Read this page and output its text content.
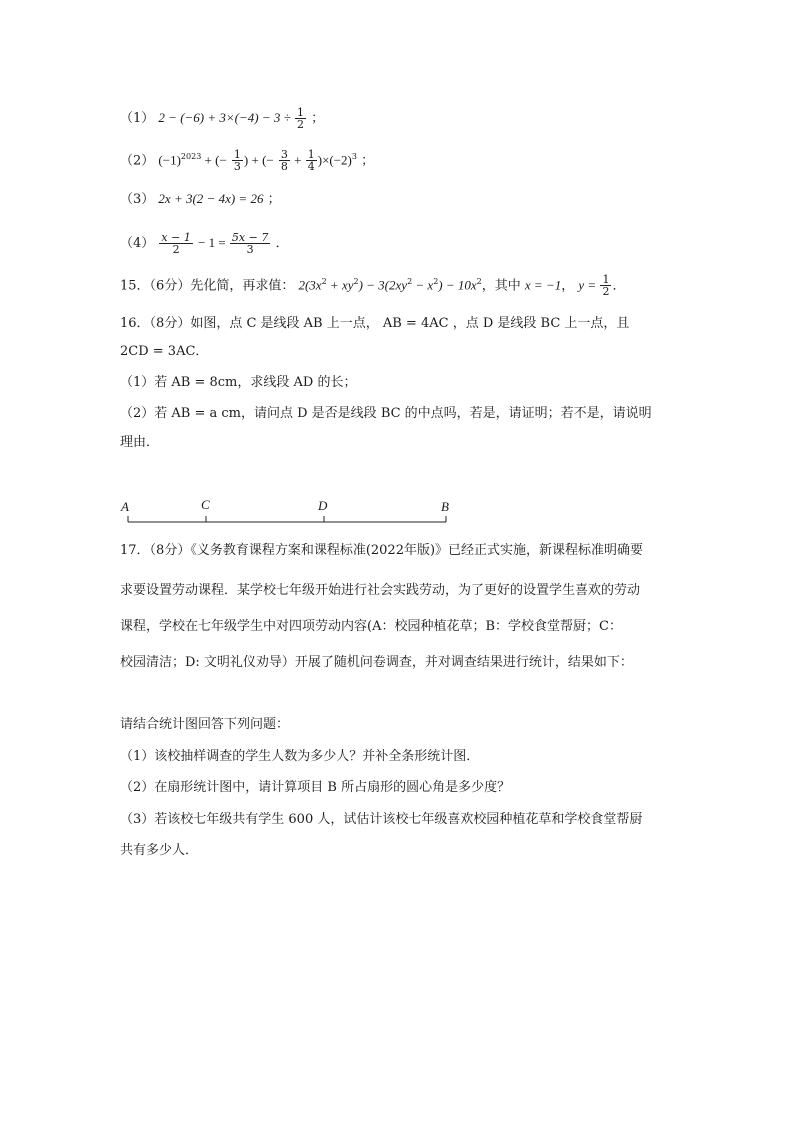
（1） $2 - (-6) + 3\times(-4) - 3 \div \frac{1}{2}$ ；
（2） $(-1)^{2023}$ + (− $\frac{1}{3}$ ) + (− $\frac{3}{8} + \frac{1}{4} )\times(-2)^3$ ；
（3） 2x + 3(2 − 4x) = 26 ；
$(4) \frac{x - 1}{2} - 1 = \frac{5x - 7}{3}$ ．
15．（6分）先化简，再求值： $2(3x^2 + xy^2) - 3(2xy^2 - x^2) - 10x^2$，其中 x = −1， $y = \frac{1}{2}$ ．
16．（8分）如图，点 C 是线段 AB 上一点， AB = 4AC ，点 D 是线段 BC 上一点，且
2CD = 3AC．
（1）若 AB = 8cm，求线段 AD 的长；
（2）若 AB = a cm，请问点 D 是否是线段 BC 的中点吗，若是，请证明；若不是，请说明
理由．
A	C	D	B
17．（8分）《义务教育课程方案和课程标准(2022年版)》已经正式实施，新课程标准明确要
求要设置劳动课程．某学校七年级开始进行社会实践劳动，为了更好的设置学生喜欢的劳动
课程，学校在七年级学生中对四项劳动内容(A：校园种植花草；B：学校食堂帮厨；C：
校园清洁；D: 文明礼仪劝导）开展了随机问卷调查，并对调查结果进行统计，结果如下：
请结合统计图回答下列问题：
（1）该校抽样调查的学生人数为多少人？并补全条形统计图．
（2）在扇形统计图中，请计算项目 B 所占扇形的圆心角是多少度？
（3）若该校七年级共有学生 600 人，试估计该校七年级喜欢校园种植花草和学校食堂帮厨
共有多少人．
